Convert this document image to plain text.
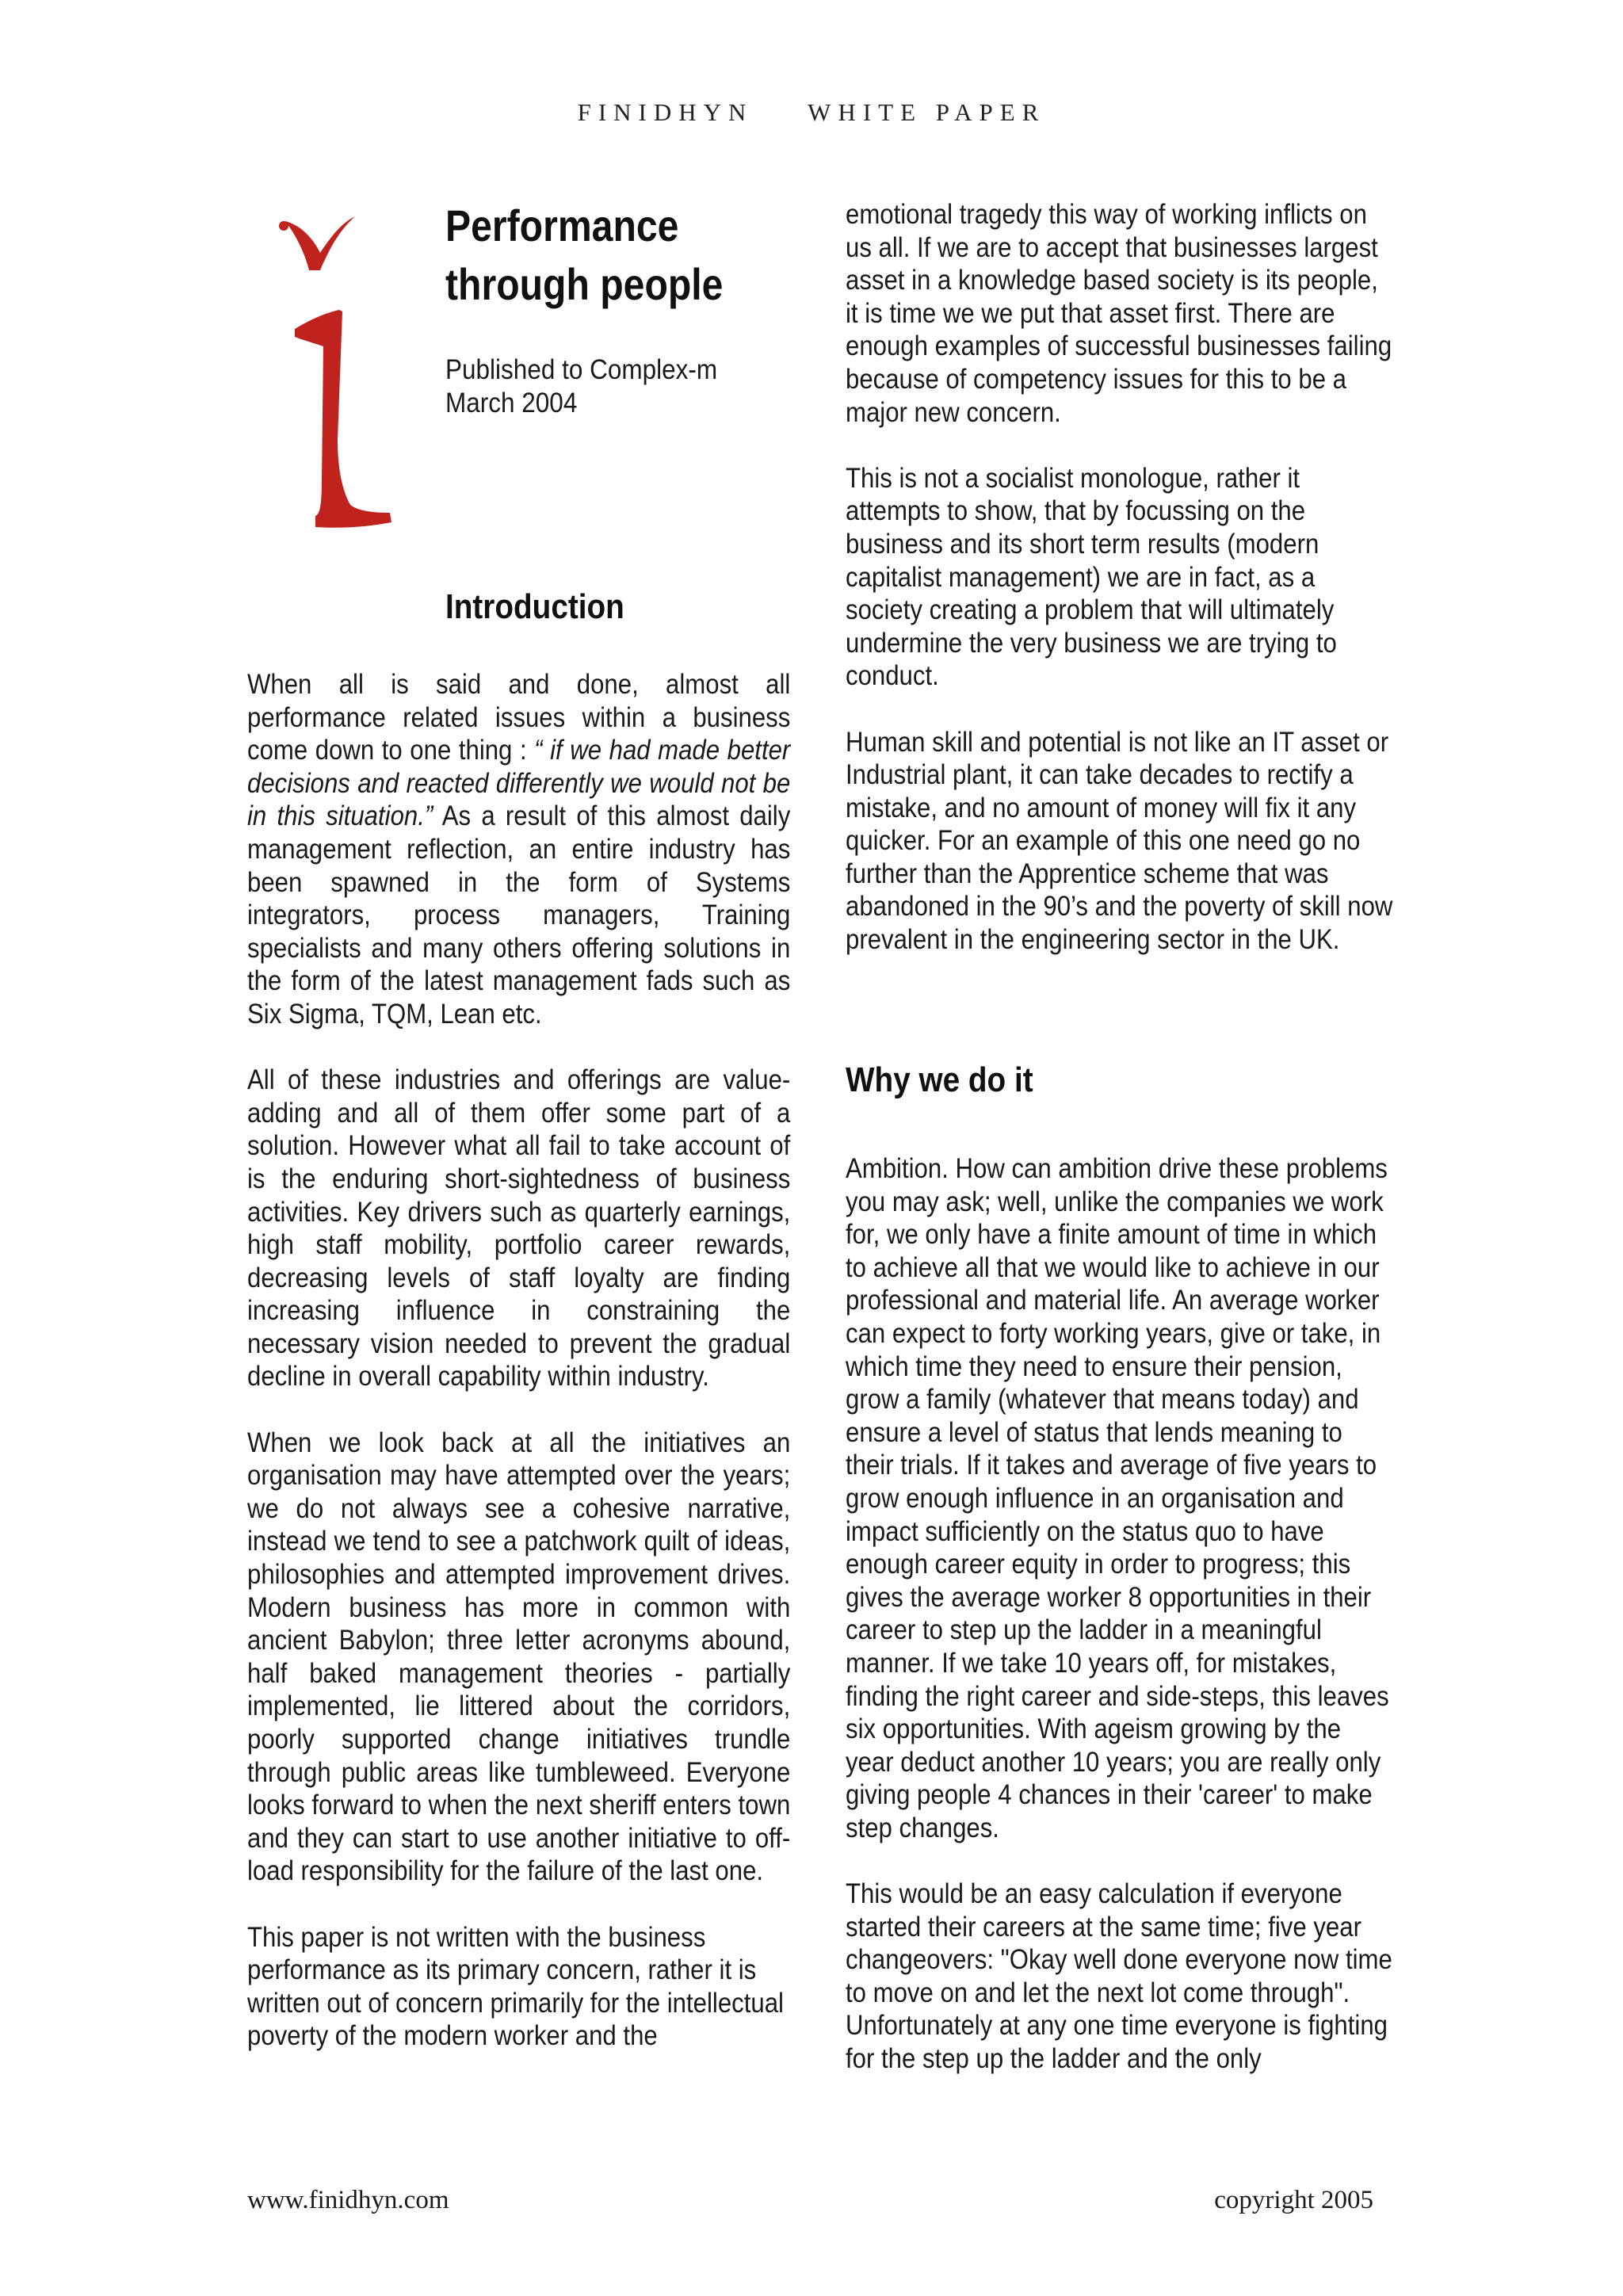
FINIDHYN WHITE PAPER
Performance
through people
Published to Complex-m
March 2004
Introduction

When all is said and done, almost all performance related issues within a business come down to one thing : “ if we had made better decisions and reacted differently we would not be in this situation.” As a result of this almost daily management reflection, an entire industry has been spawned in the form of Systems integrators, process managers, Training specialists and many others offering solutions in the form of the latest management fads such as Six Sigma, TQM, Lean etc.

All of these industries and offerings are value-adding and all of them offer some part of a solution. However what all fail to take account of is the enduring short-sightedness of business activities. Key drivers such as quarterly earnings, high staff mobility, portfolio career rewards, decreasing levels of staff loyalty are finding increasing influence in constraining the necessary vision needed to prevent the gradual decline in overall capability within industry.

When we look back at all the initiatives an organisation may have attempted over the years; we do not always see a cohesive narrative, instead we tend to see a patchwork quilt of ideas, philosophies and attempted improvement drives. Modern business has more in common with ancient Babylon; three letter acronyms abound, half baked management theories - partially implemented, lie littered about the corridors, poorly supported change initiatives trundle through public areas like tumbleweed. Everyone looks forward to when the next sheriff enters town and they can start to use another initiative to off-load responsibility for the failure of the last one.

This paper is not written with the business performance as its primary concern, rather it is written out of concern primarily for the intellectual poverty of the modern worker and the

emotional tragedy this way of working inflicts on us all. If we are to accept that businesses largest asset in a knowledge based society is its people, it is time we we put that asset first. There are enough examples of successful businesses failing because of competency issues for this to be a major new concern.

This is not a socialist monologue, rather it attempts to show, that by focussing on the business and its short term results (modern capitalist management) we are in fact, as a society creating a problem that will ultimately undermine the very business we are trying to conduct.

Human skill and potential is not like an IT asset or Industrial plant, it can take decades to rectify a mistake, and no amount of money will fix it any quicker. For an example of this one need go no further than the Apprentice scheme that was abandoned in the 90’s and the poverty of skill now prevalent in the engineering sector in the UK.

Why we do it

Ambition. How can ambition drive these problems you may ask; well, unlike the companies we work for, we only have a finite amount of time in which to achieve all that we would like to achieve in our professional and material life. An average worker can expect to forty working years, give or take, in which time they need to ensure their pension, grow a family (whatever that means today) and ensure a level of status that lends meaning to their trials. If it takes and average of five years to grow enough influence in an organisation and impact sufficiently on the status quo to have enough career equity in order to progress; this gives the average worker 8 opportunities in their career to step up the ladder in a meaningful manner. If we take 10 years off, for mistakes, finding the right career and side-steps, this leaves six opportunities. With ageism growing by the year deduct another 10 years; you are really only giving people 4 chances in their 'career' to make step changes.

This would be an easy calculation if everyone started their careers at the same time; five year changeovers: "Okay well done everyone now time to move on and let the next lot come through". Unfortunately at any one time everyone is fighting for the step up the ladder and the only

www.finidhyn.com	copyright 2005
